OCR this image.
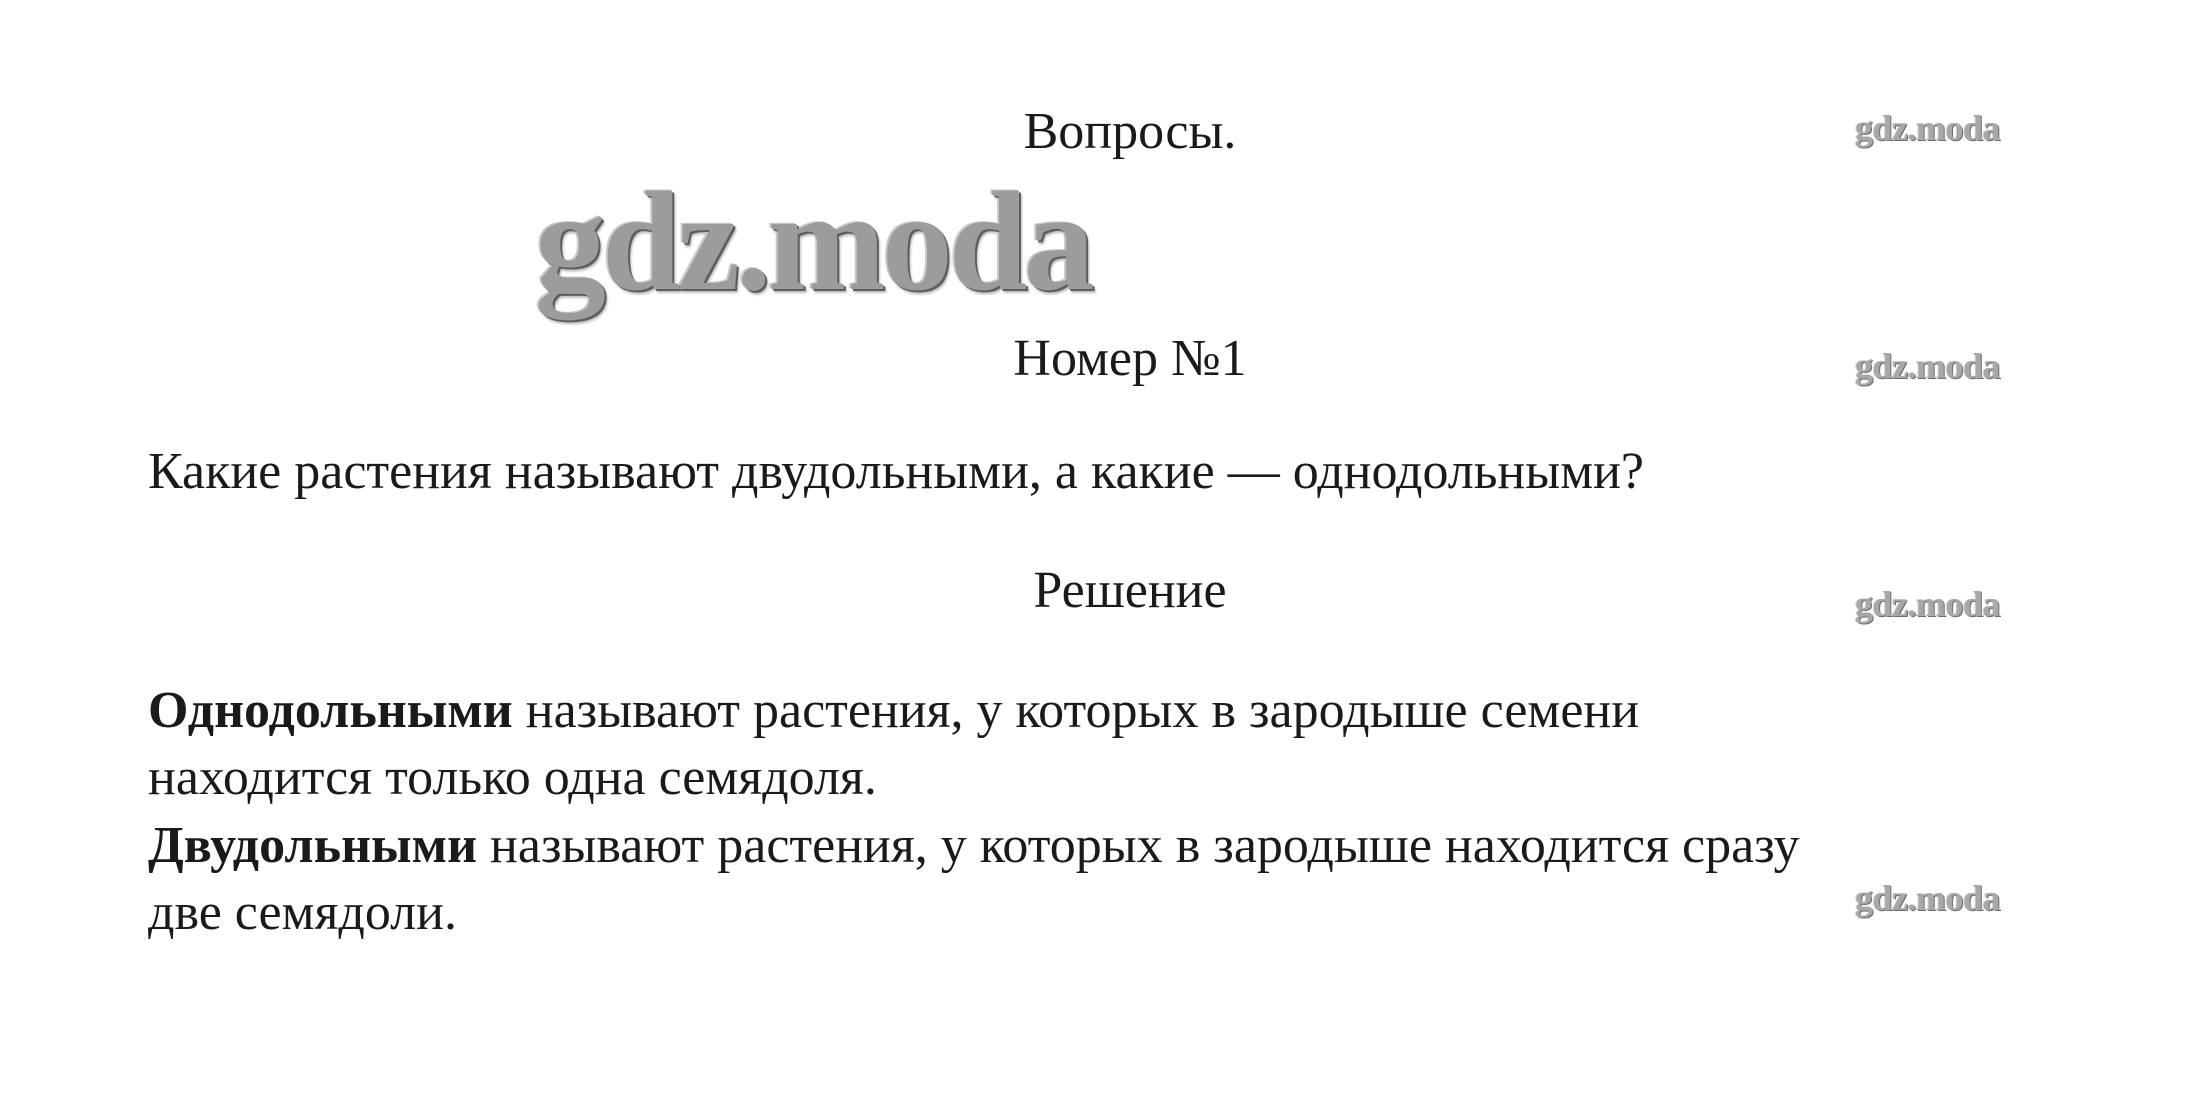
gdz.moda
gdz.moda
gdz.moda
gdz.moda
gdz.moda
Вопросы.
Номер №1
Какие растения называют двудольными, а какие — однодольными?
Решение
Однодольными называют растения, у которых в зародыше семени
находится только одна семядоля.
Двудольными называют растения, у которых в зародыше находится сразу
две семядоли.
